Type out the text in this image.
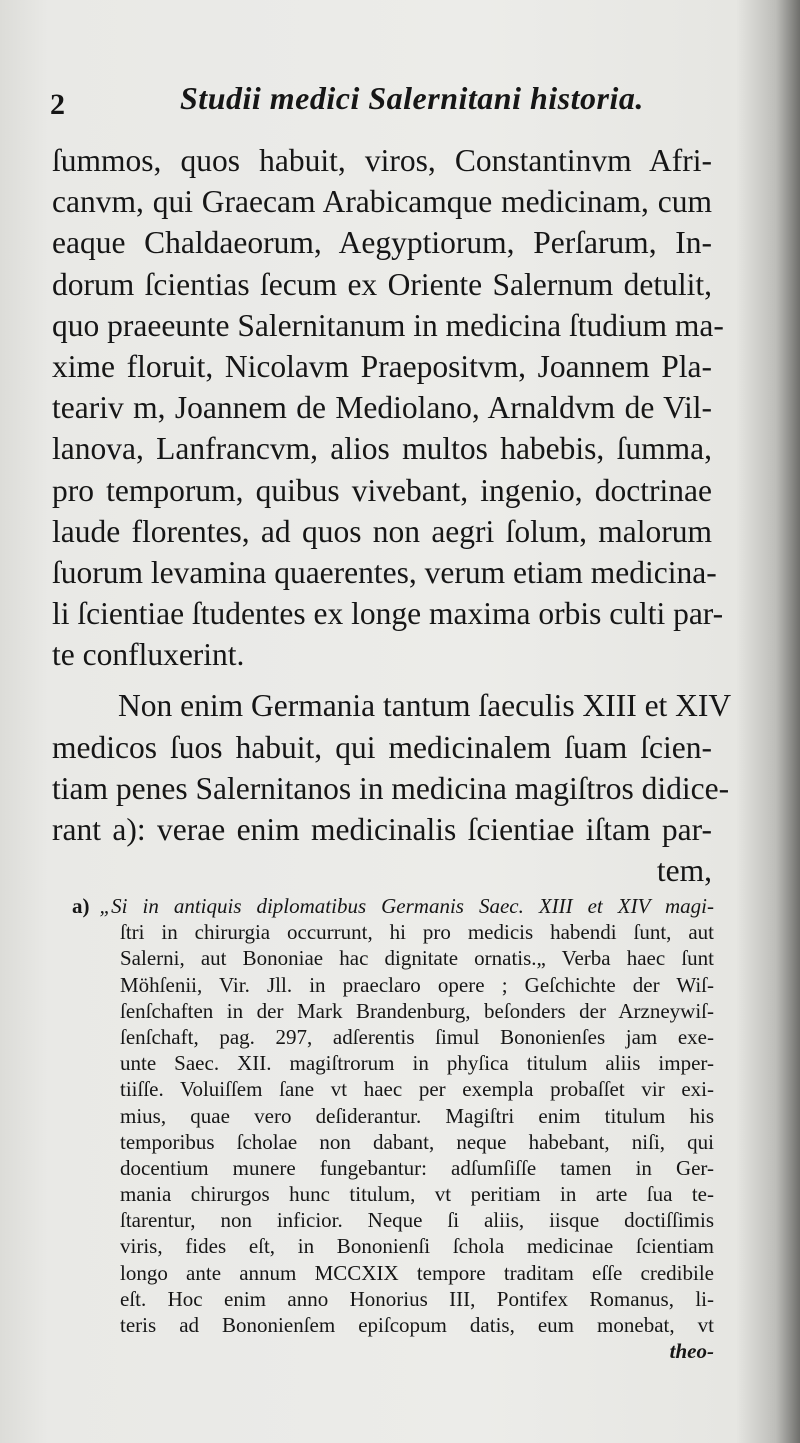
2	Studii medici Salernitani historia.
ſummos, quos habuit, viros, Constantinvm Afri-
canvm, qui Graecam Arabicamque medicinam, cum
eaque Chaldaeorum, Aegyptiorum, Perſarum, In-
dorum ſcientias ſecum ex Oriente Salernum detulit,
quo praeeunte Salernitanum in medicina ſtudium ma-
xime floruit, Nicolavm Praepositvm, Joannem Pla-
teariv m, Joannem de Mediolano, Arnaldvm de Vil-
lanova, Lanfrancvm, alios multos habebis, ſumma,
pro temporum, quibus vivebant, ingenio, doctrinae
laude florentes, ad quos non aegri ſolum, malorum
ſuorum levamina quaerentes, verum etiam medicina-
li ſcientiae ſtudentes ex longe maxima orbis culti par-
te confluxerint.
Non enim Germania tantum ſaeculis XIII et XIV
medicos ſuos habuit, qui medicinalem ſuam ſcien-
tiam penes Salernitanos in medicina magiſtros didice-
rant a): verae enim medicinalis ſcientiae iſtam par-
tem,
a) „Si in antiquis diplomatibus Germanis Saec. XIII et XIV magi-
ſtri in chirurgia occurrunt, hi pro medicis habendi ſunt, aut
Salerni, aut Bononiae hac dignitate ornatis.„ Verba haec ſunt
Möhſenii, Vir. Jll. in praeclaro opere ; Geſchichte der Wiſ-
ſenſchaften in der Mark Brandenburg, beſonders der Arzneywiſ-
ſenſchaft, pag. 297, adſerentis ſimul Bononienſes jam exe-
unte Saec. XII. magiſtrorum in phyſica titulum aliis imper-
tiiſſe. Voluiſſem ſane vt haec per exempla probaſſet vir exi-
mius, quae vero deſiderantur. Magiſtri enim titulum his
temporibus ſcholae non dabant, neque habebant, niſi, qui
docentium munere fungebantur: adſumſiſſe tamen in Ger-
mania chirurgos hunc titulum, vt peritiam in arte ſua te-
ſtarentur, non inficior. Neque ſi aliis, iisque doctiſſimis
viris, fides eſt, in Bononienſi ſchola medicinae ſcientiam
longo ante annum MCCXIX tempore traditam eſſe credibile
eſt. Hoc enim anno Honorius III, Pontifex Romanus, li-
teris ad Bononienſem epiſcopum datis, eum monebat, vt
theo-
